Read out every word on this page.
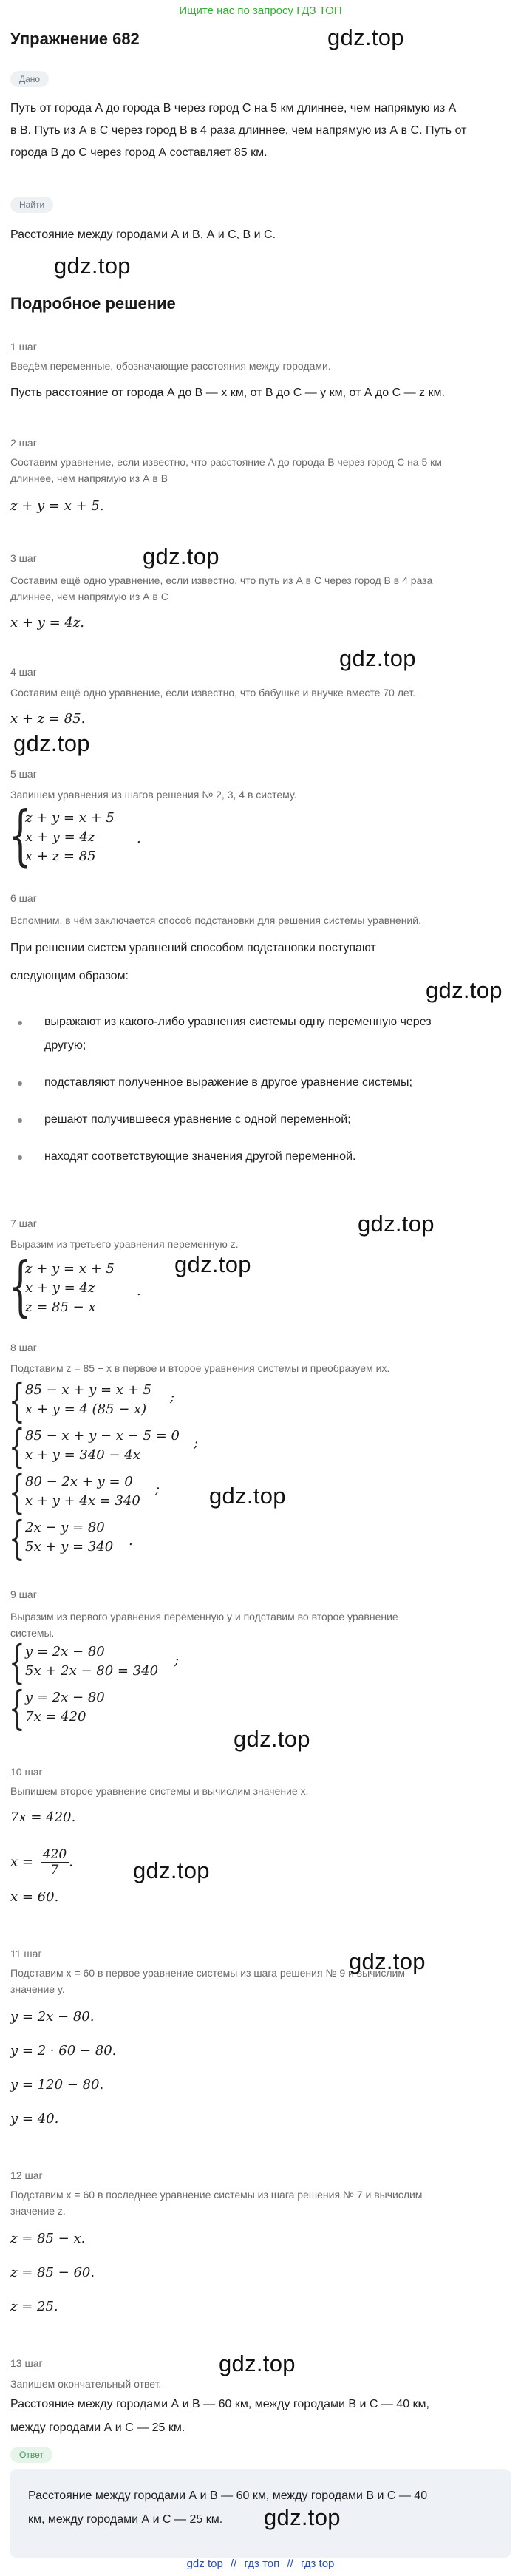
Ищите нас по запросу ГДЗ ТОП
Упражнение 682	gdz.top
Дано
Путь от города А до города В через город С на 5 км длиннее, чем напрямую из А
в В. Путь из А в С через город В в 4 раза длиннее, чем напрямую из А в С. Путь от
города В до С через город А составляет 85 км.
Найти
Расстояние между городами А и В, А и С, В и С.
gdz.top
Подробное решение
1 шаг
Введём переменные, обозначающие расстояния между городами.
Пусть расстояние от города А до В — x км, от В до С — y км, от А до С — z км.
2 шаг
Составим уравнение, если известно, что расстояние А до города В через город С на 5 км
длиннее, чем напрямую из А в В
z + y = x + 5.
gdz.top
3 шаг
Составим ещё одно уравнение, если известно, что путь из А в С через город В в 4 раза
длиннее, чем напрямую из А в С
x + y = 4z.
gdz.top
4 шаг
Составим ещё одно уравнение, если известно, что бабушке и внучке вместе 70 лет.
x + z = 85.
gdz.top
5 шаг
Запишем уравнения из шагов решения № 2, 3, 4 в систему.
{
z + y = x + 5
x + y = 4z
x + z = 85
.
6 шаг
Вспомним, в чём заключается способ подстановки для решения системы уравнений.
При решении систем уравнений способом подстановки поступают
следующим образом:
gdz.top
выражают из какого-либо уравнения системы одну переменную через
другую;
подставляют полученное выражение в другое уравнение системы;
решают получившееся уравнение с одной переменной;
находят соответствующие значения другой переменной.
7 шаг	gdz.top
Выразим из третьего уравнения переменную z.
{
z + y = x + 5
x + y = 4z
z = 85 − x
.
gdz.top
8 шаг
Подставим z = 85 − x в первое и второе уравнения системы и преобразуем их.
{ 85 − x + y = x + 5
x + y = 4 (85 − x)
;
{ 85 − x + y − x − 5 = 0
x + y = 340 − 4x
;
{ 80 − 2x + y = 0
x + y + 4x = 340
; gdz.top
{ 2x − y = 80
5x + y = 340 .
9 шаг
Выразим из первого уравнения переменную y и подставим во второе уравнение
системы.
{ y = 2x − 80
5x + 2x − 80 = 340
;
{ y = 2x − 80
7x = 420
gdz.top
10 шаг
Выпишем второе уравнение системы и вычислим значение x.
7x = 420.
$x = \frac{420}{7}$ .	gdz.top
x = 60.
11 шаг
Подставим x = 60 в первое уравнение системы из шага решения № 9 и вычислим
gdz.top
значение y.
y = 2x − 80.
y = 2 · 60 − 80.
y = 120 − 80.
y = 40.
12 шаг
Подставим x = 60 в последнее уравнение системы из шага решения № 7 и вычислим
значение z.
z = 85 − x.
z = 85 − 60.
z = 25.
13 шаг	gdz.top
Запишем окончательный ответ.
Расстояние между городами А и В — 60 км, между городами В и С — 40 км,
между городами А и С — 25 км.
Ответ
Расстояние между городами А и В — 60 км, между городами В и С — 40
км, между городами А и С — 25 км. gdz.top
gdz top // гдз топ // гдз top
